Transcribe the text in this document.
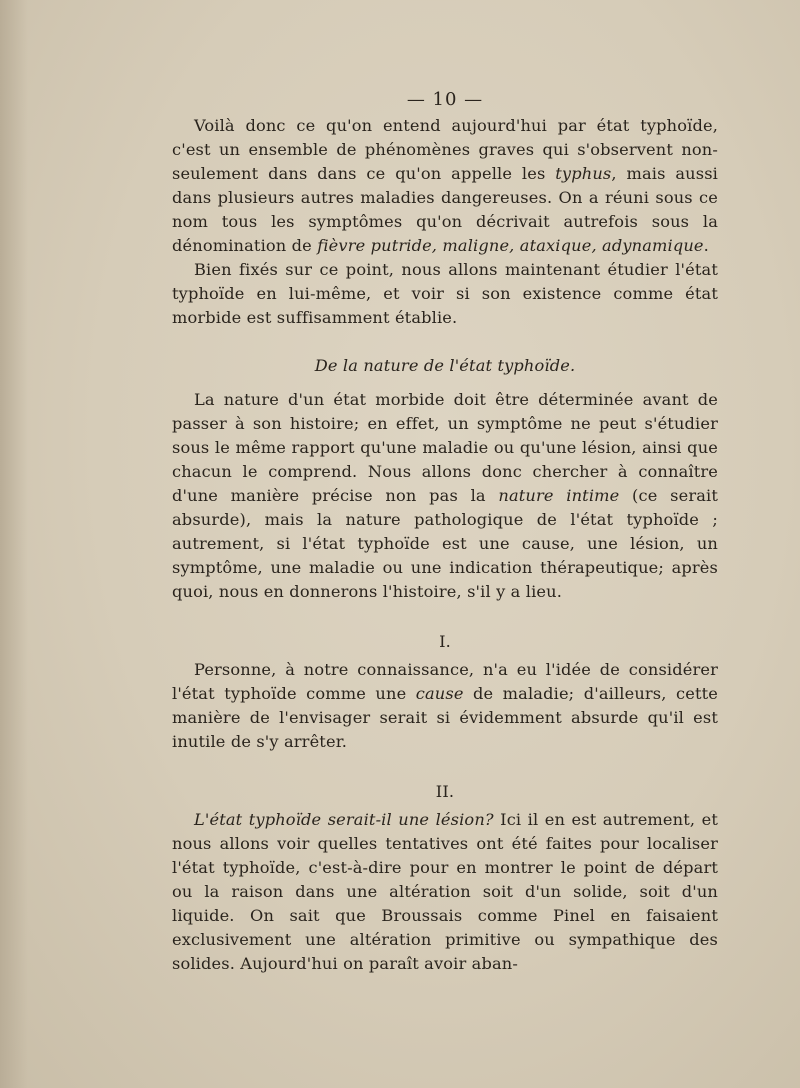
— 10 —

Voilà donc ce qu'on entend aujourd'hui par état typhoïde, c'est un ensemble de phénomènes graves qui s'observent non-seulement dans dans ce qu'on appelle les typhus, mais aussi dans plusieurs autres maladies dangereuses. On a réuni sous ce nom tous les symptômes qu'on décrivait autrefois sous la dénomination de fièvre putride, maligne, ataxique, adynamique.

Bien fixés sur ce point, nous allons maintenant étudier l'état typhoïde en lui-même, et voir si son existence comme état morbide est suffisamment établie.

De la nature de l'état typhoïde.

La nature d'un état morbide doit être déterminée avant de passer à son histoire; en effet, un symptôme ne peut s'étudier sous le même rapport qu'une maladie ou qu'une lésion, ainsi que chacun le comprend. Nous allons donc chercher à connaître d'une manière précise non pas la nature intime (ce serait absurde), mais la nature pathologique de l'état typhoïde ; autrement, si l'état typhoïde est une cause, une lésion, un symptôme, une maladie ou une indication thérapeutique; après quoi, nous en donnerons l'histoire, s'il y a lieu.

I.

Personne, à notre connaissance, n'a eu l'idée de considérer l'état typhoïde comme une cause de maladie; d'ailleurs, cette manière de l'envisager serait si évidemment absurde qu'il est inutile de s'y arrêter.

II.

L'état typhoïde serait-il une lésion? Ici il en est autrement, et nous allons voir quelles tentatives ont été faites pour localiser l'état typhoïde, c'est-à-dire pour en montrer le point de départ ou la raison dans une altération soit d'un solide, soit d'un liquide. On sait que Broussais comme Pinel en faisaient exclusivement une altération primitive ou sympathique des solides. Aujourd'hui on paraît avoir aban-
